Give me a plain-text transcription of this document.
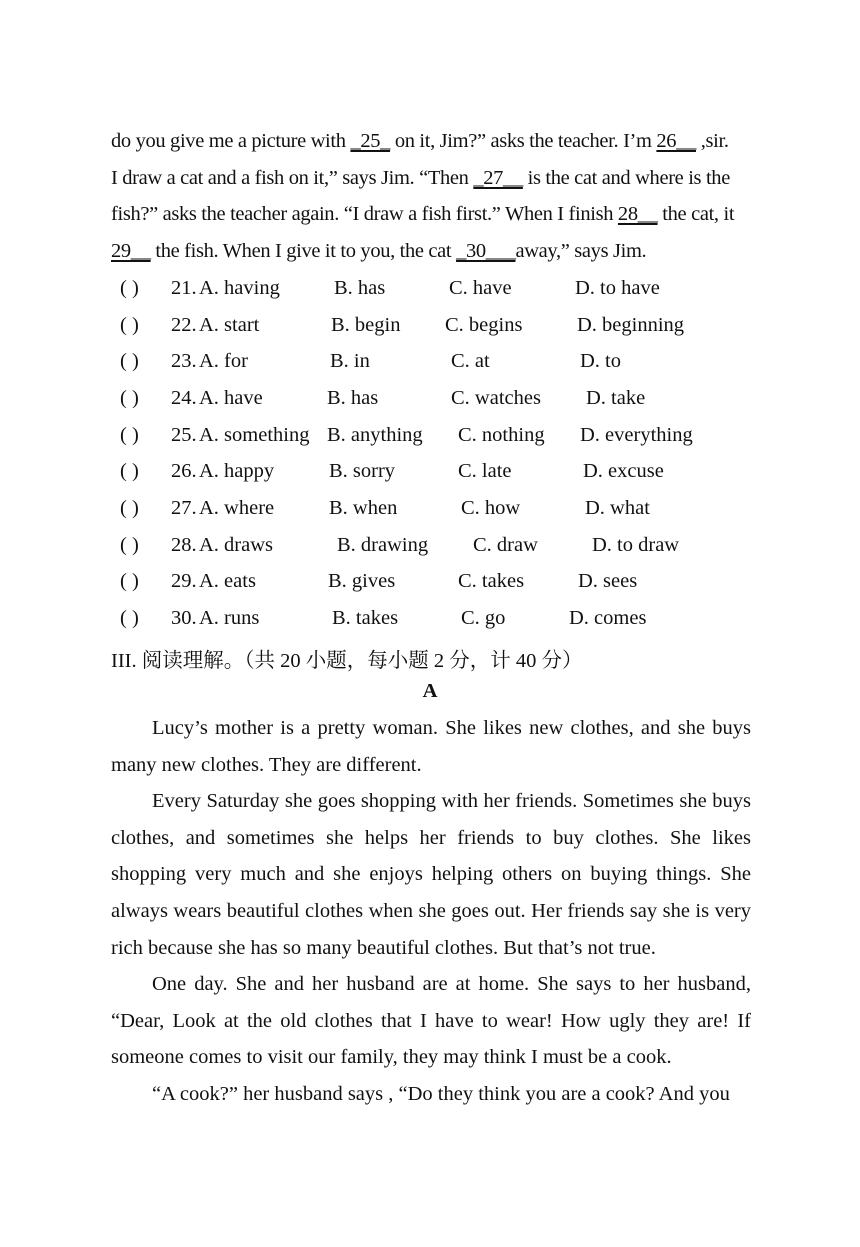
do you give me a picture with _25_ on it, Jim?” asks the teacher. I’m 26__ ,sir.
I draw a cat and a fish on it,” says Jim. “Then _27__ is the cat and where is the
fish?” asks the teacher again. “I draw a fish first.” When I finish 28__ the cat, it
29__ the fish. When I give it to you, the cat _30___away,” says Jim.
( ) 21. A. having	B. has	C. have	D. to have
( ) 22. A. start	B. begin C. begins	D. beginning
( ) 23. A. for	B. in	C. at	D. to
( ) 24. A. have	B. has	C. watches D. take
( ) 25. A. something B. anything C. nothing D. everything
( ) 26. A. happy	B. sorry	C. late	D. excuse
( ) 27. A. where	B. when	C. how	D. what
( ) 28. A. draws	B. drawing C. draw	D. to draw
( ) 29. A. eats	B. gives	C. takes	D. sees
( ) 30. A. runs	B. takes	C. go	D. comes
III. 阅读理解。（共 20 小题，每小题 2 分，计 40 分）
A

Lucy’s mother is a pretty woman. She likes new clothes, and she buys many new clothes. They are different.

Every Saturday she goes shopping with her friends. Sometimes she buys clothes, and sometimes she helps her friends to buy clothes. She likes shopping very much and she enjoys helping others on buying things. She always wears beautiful clothes when she goes out. Her friends say she is very rich because she has so many beautiful clothes. But that’s not true.

One day. She and her husband are at home. She says to her husband, “Dear, Look at the old clothes that I have to wear! How ugly they are! If someone comes to visit our family, they may think I must be a cook.

“A cook?” her husband says , “Do they think you are a cook? And you
